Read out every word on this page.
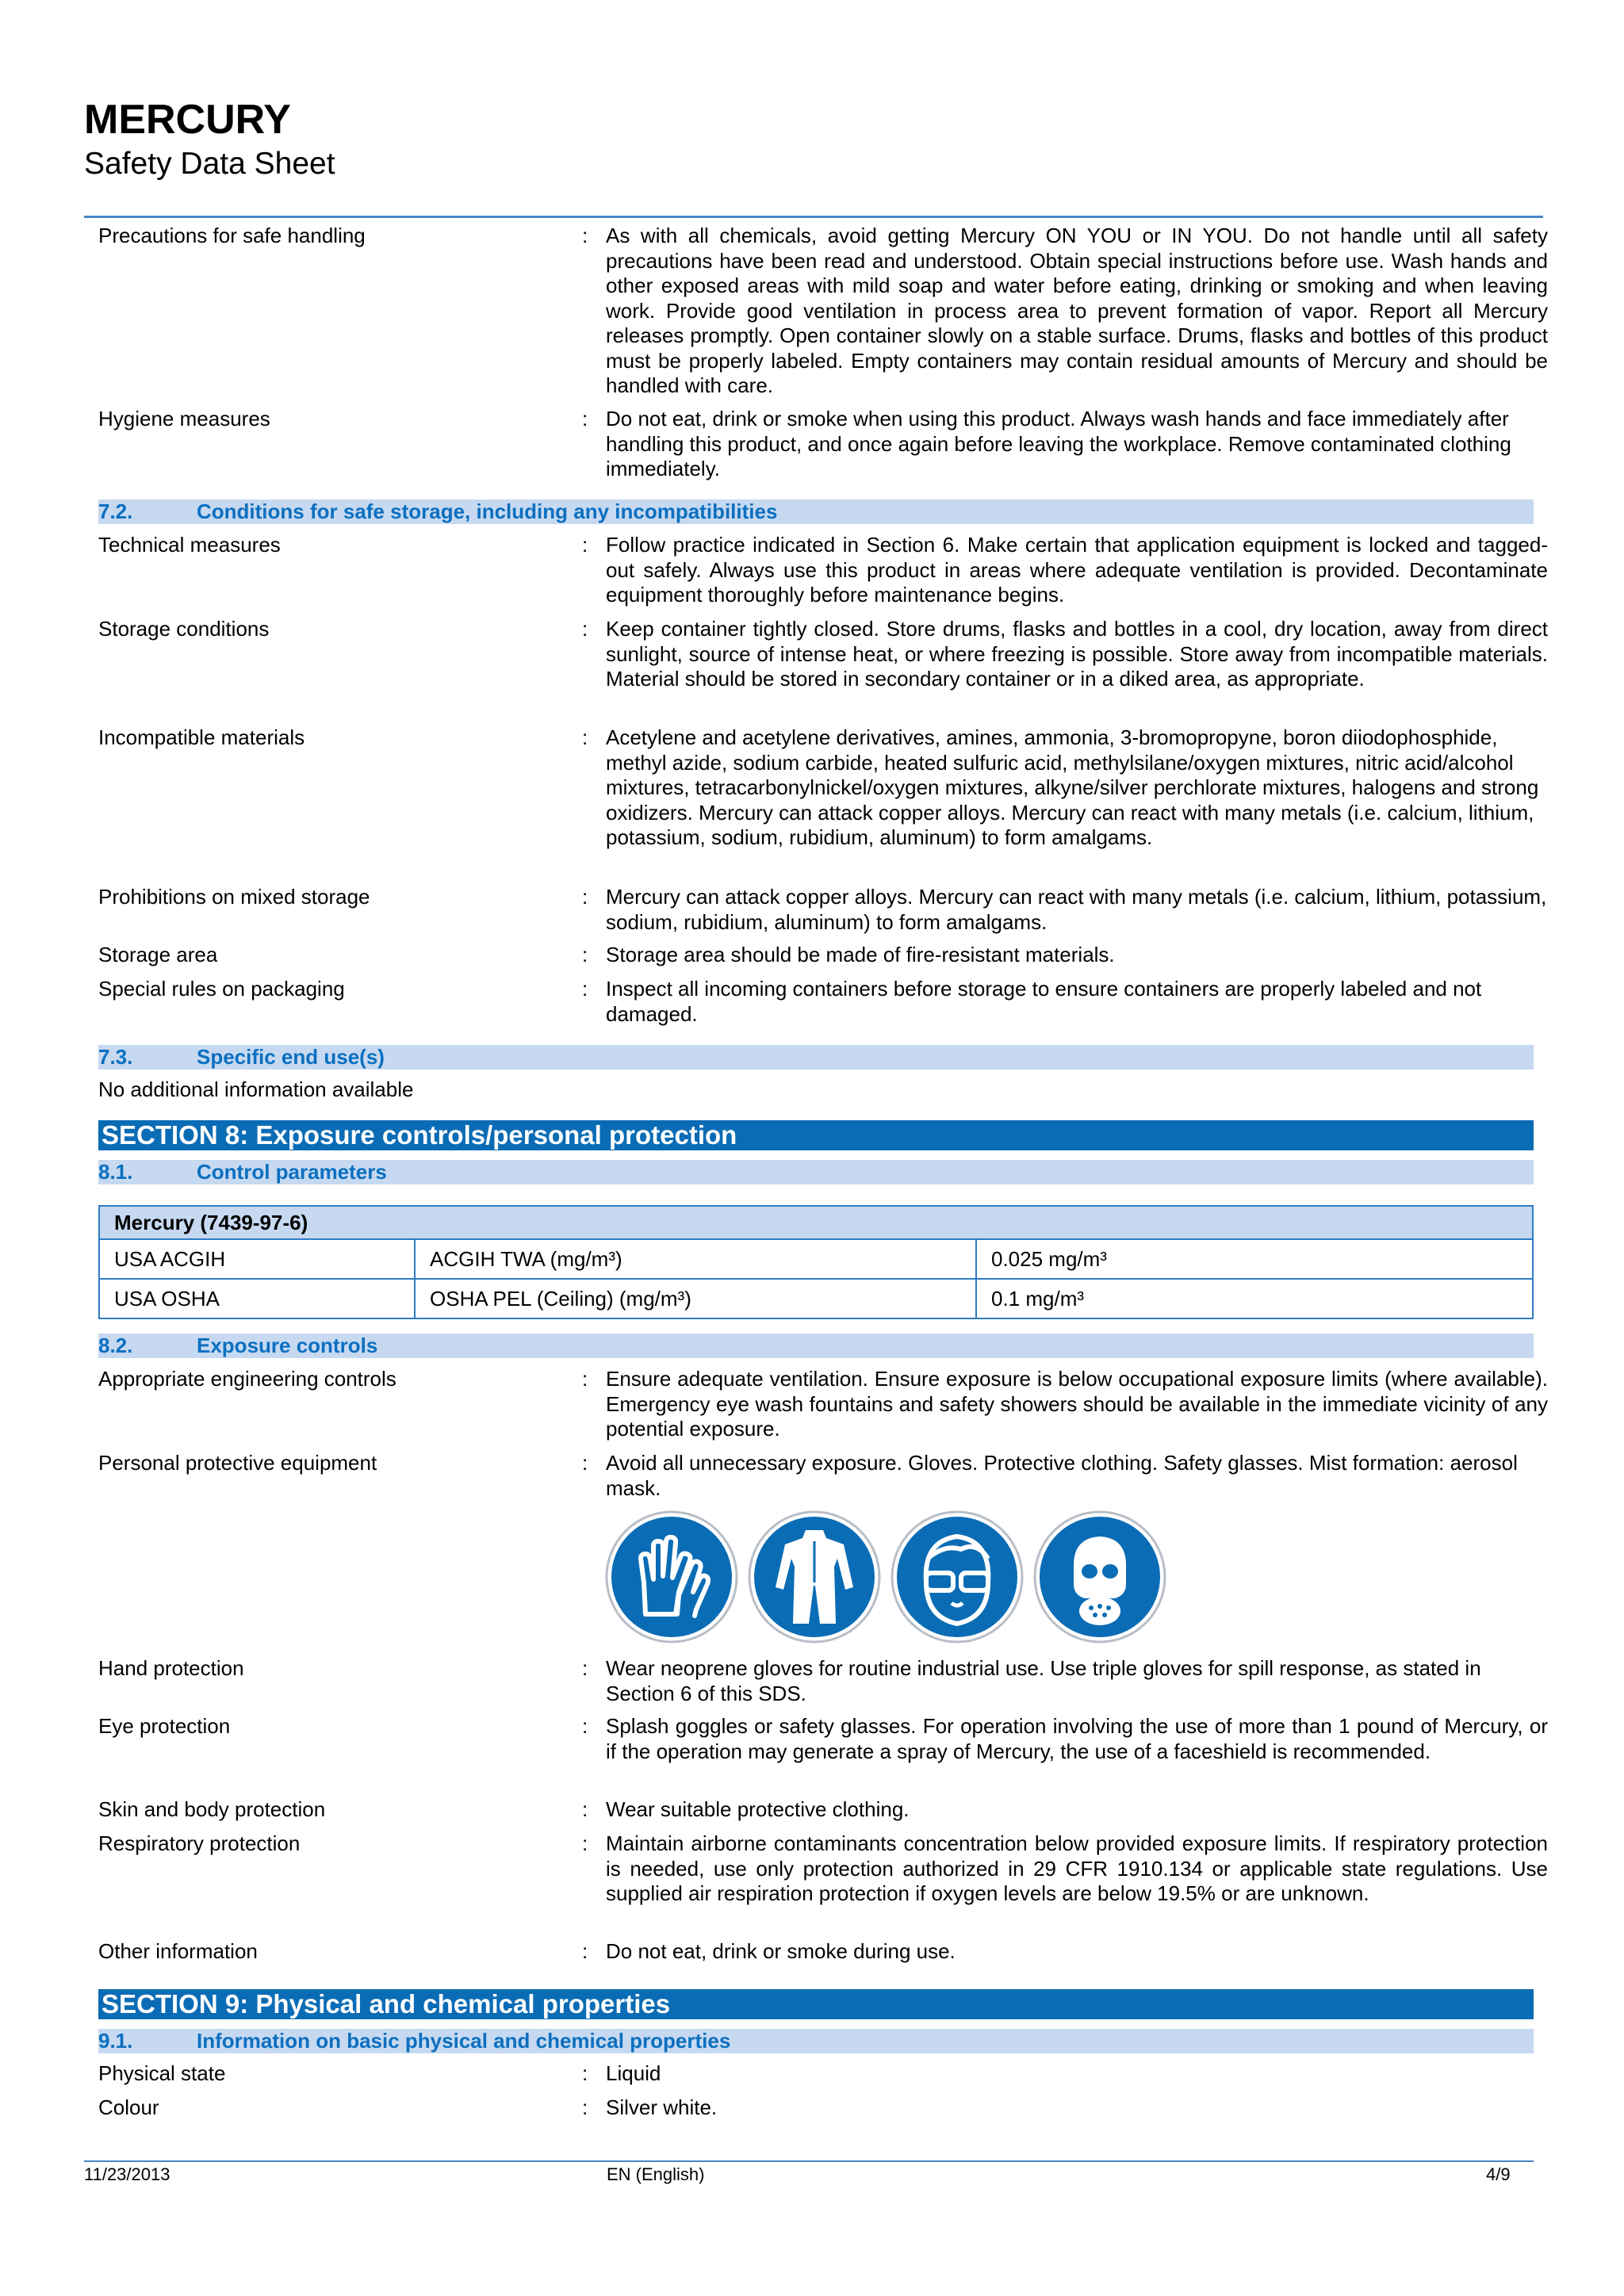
MERCURY
Safety Data Sheet
Precautions for safe handling	: As with all chemicals, avoid getting Mercury ON YOU or IN YOU. Do not handle until all safety precautions have been read and understood. Obtain special instructions before use. Wash hands and other exposed areas with mild soap and water before eating, drinking or smoking and when leaving work. Provide good ventilation in process area to prevent formation of vapor. Report all Mercury releases promptly. Open container slowly on a stable surface. Drums, flasks and bottles of this product must be properly labeled. Empty containers may contain residual amounts of Mercury and should be handled with care.
Hygiene measures	: Do not eat, drink or smoke when using this product. Always wash hands and face immediately after handling this product, and once again before leaving the workplace. Remove contaminated clothing immediately.
7.2.	Conditions for safe storage, including any incompatibilities
Technical measures	: Follow practice indicated in Section 6. Make certain that application equipment is locked and tagged-out safely. Always use this product in areas where adequate ventilation is provided. Decontaminate equipment thoroughly before maintenance begins.
Storage conditions	: Keep container tightly closed. Store drums, flasks and bottles in a cool, dry location, away from direct sunlight, source of intense heat, or where freezing is possible. Store away from incompatible materials. Material should be stored in secondary container or in a diked area, as appropriate.
Incompatible materials	: Acetylene and acetylene derivatives, amines, ammonia, 3-bromopropyne, boron diiodophosphide, methyl azide, sodium carbide, heated sulfuric acid, methylsilane/oxygen mixtures, nitric acid/alcohol mixtures, tetracarbonylnickel/oxygen mixtures, alkyne/silver perchlorate mixtures, halogens and strong oxidizers. Mercury can attack copper alloys. Mercury can react with many metals (i.e. calcium, lithium, potassium, sodium, rubidium, aluminum) to form amalgams.
Prohibitions on mixed storage	: Mercury can attack copper alloys. Mercury can react with many metals (i.e. calcium, lithium, potassium, sodium, rubidium, aluminum) to form amalgams.
Storage area	: Storage area should be made of fire-resistant materials.
Special rules on packaging	: Inspect all incoming containers before storage to ensure containers are properly labeled and not damaged.
7.3.	Specific end use(s)
No additional information available
SECTION 8: Exposure controls/personal protection
8.1.	Control parameters
Mercury (7439-97-6)		
USA ACGIH	ACGIH TWA (mg/m³)	0.025 mg/m³
USA OSHA	OSHA PEL (Ceiling) (mg/m³)	0.1 mg/m³
8.2.	Exposure controls
Appropriate engineering controls	: Ensure adequate ventilation. Ensure exposure is below occupational exposure limits (where available). Emergency eye wash fountains and safety showers should be available in the immediate vicinity of any potential exposure.
Personal protective equipment	: Avoid all unnecessary exposure. Gloves. Protective clothing. Safety glasses. Mist formation: aerosol mask.
Hand protection	: Wear neoprene gloves for routine industrial use. Use triple gloves for spill response, as stated in Section 6 of this SDS.
Eye protection	: Splash goggles or safety glasses. For operation involving the use of more than 1 pound of Mercury, or if the operation may generate a spray of Mercury, the use of a faceshield is recommended.
Skin and body protection	: Wear suitable protective clothing.
Respiratory protection	: Maintain airborne contaminants concentration below provided exposure limits. If respiratory protection is needed, use only protection authorized in 29 CFR 1910.134 or applicable state regulations. Use supplied air respiration protection if oxygen levels are below 19.5% or are unknown.
Other information	: Do not eat, drink or smoke during use.
SECTION 9: Physical and chemical properties
9.1.	Information on basic physical and chemical properties
Physical state	: Liquid
Colour	: Silver white.
11/23/2013	EN (English)	4/9
